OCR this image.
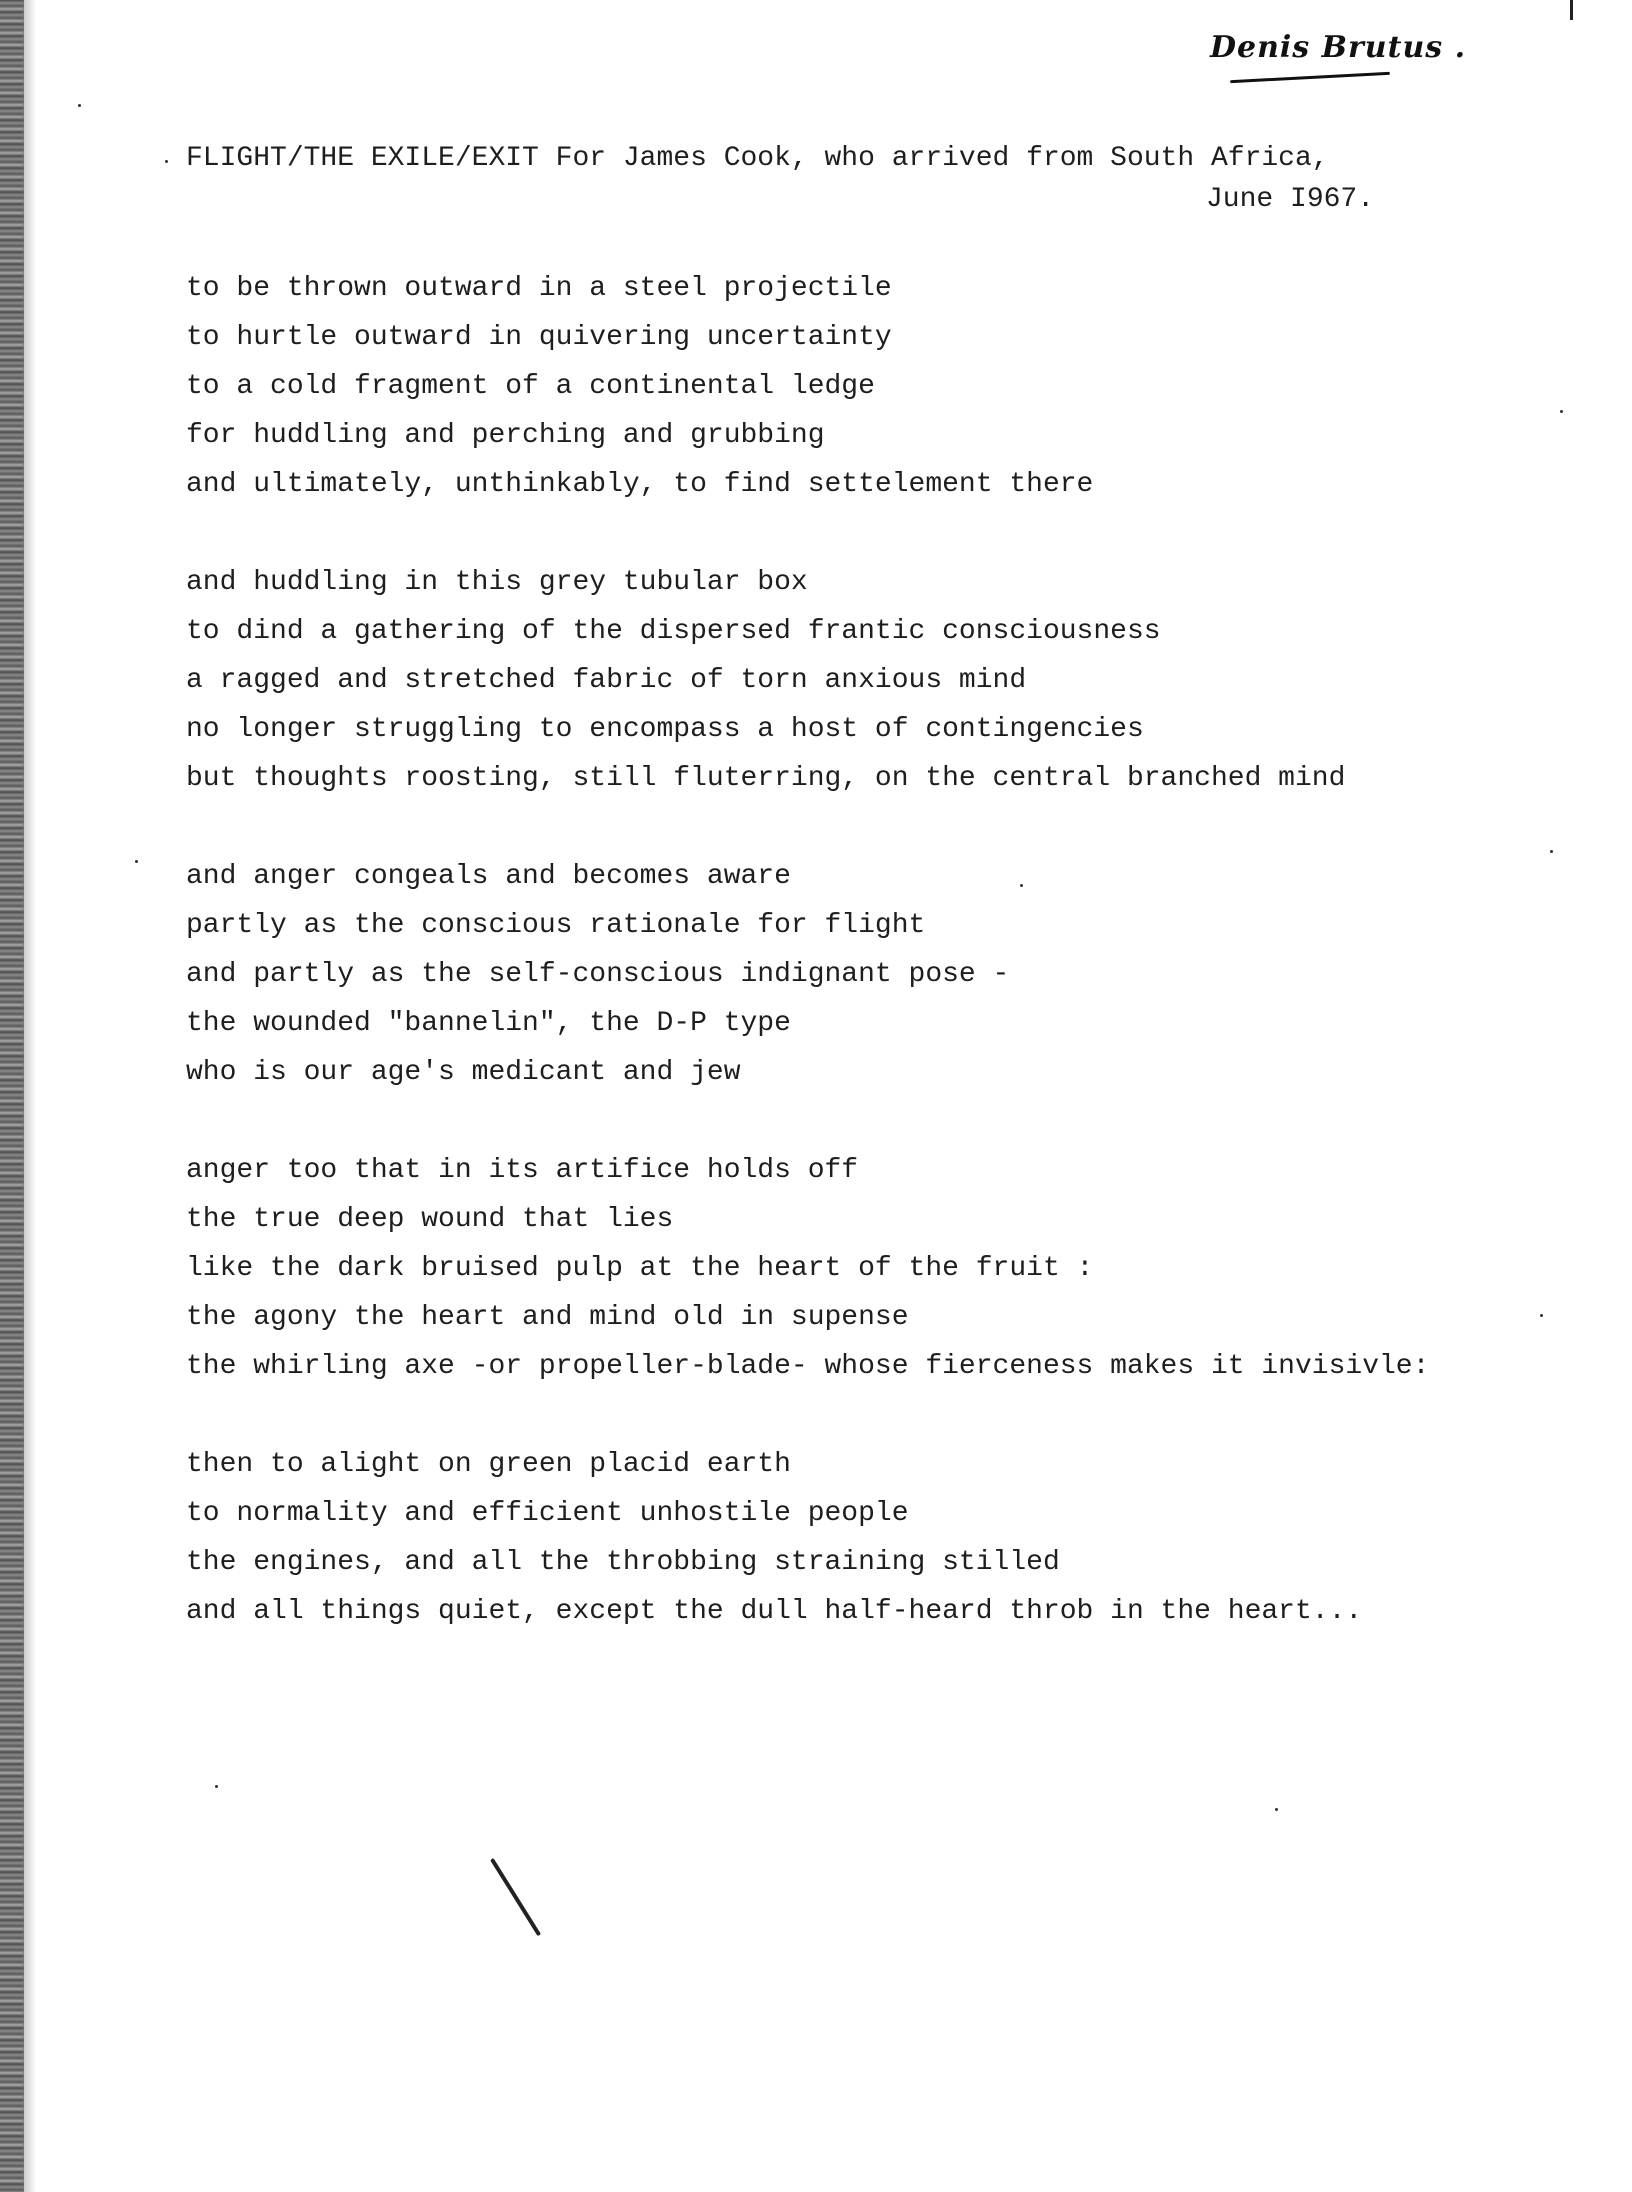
Denis Brutus .
FLIGHT/THE EXILE/EXIT For James Cook, who arrived from South Africa,
June I967.
to be thrown outward in a steel projectile
to hurtle outward in quivering uncertainty
to a cold fragment of a continental ledge
for huddling and perching and grubbing
and ultimately, unthinkably, to find settelement there
and huddling in this grey tubular box
to dind a gathering of the dispersed frantic consciousness
a ragged and stretched fabric of torn anxious mind
no longer struggling to encompass a host of contingencies
but thoughts roosting, still fluterring, on the central branched mind
and anger congeals and becomes aware
partly as the conscious rationale for flight
and partly as the self-conscious indignant pose -
the wounded "bannelin", the D-P type
who is our age's medicant and jew
anger too that in its artifice holds off
the true deep wound that lies
like the dark bruised pulp at the heart of the fruit :
the agony the heart and mind old in supense
the whirling axe -or propeller-blade- whose fierceness makes it invisivle:
then to alight on green placid earth
to normality and efficient unhostile people
the engines, and all the throbbing straining stilled
and all things quiet, except the dull half-heard throb in the heart...
